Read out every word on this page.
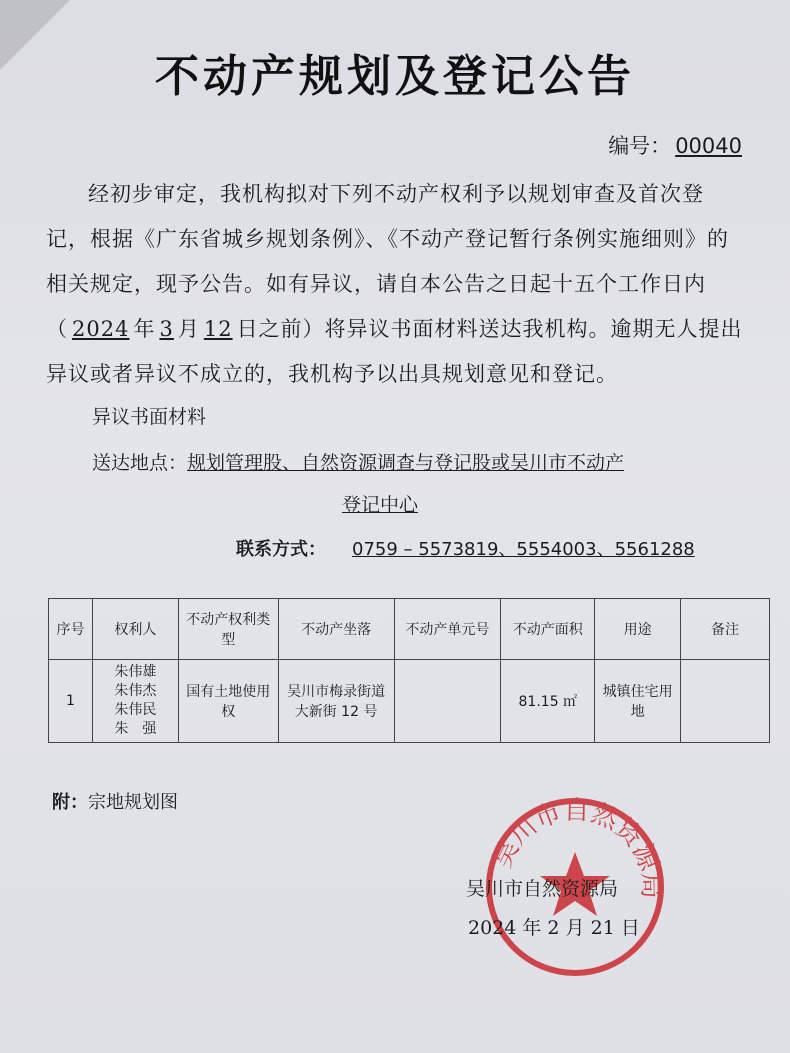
不动产规划及登记公告
编号： 00040

经初步审定，我机构拟对下列不动产权利予以规划审查及首次登记，根据《广东省城乡规划条例》、《不动产登记暂行条例实施细则》的相关规定，现予公告。如有异议，请自本公告之日起十五个工作日内（ 2024 年 3 月 12 日之前）将异议书面材料送达我机构。逾期无人提出异议或者异议不成立的，我机构予以出具规划意见和登记。

异议书面材料
送达地点：规划管理股、自然资源调查与登记股或吴川市不动产
登记中心
联系方式： 0759 – 5573819、5554003、5561288
序号	权利人	不动产权利类型	不动产坐落	不动产单元号	不动产面积	用途	备注
1	朱伟雄
朱伟杰
朱伟民
朱　强	国有土地使用权	吴川市梅录街道大新街 12 号		81.15 ㎡	城镇住宅用地	
附：宗地规划图
吴川市自然资源局
吴川市自然资源局
2024 年 2 月 21 日
